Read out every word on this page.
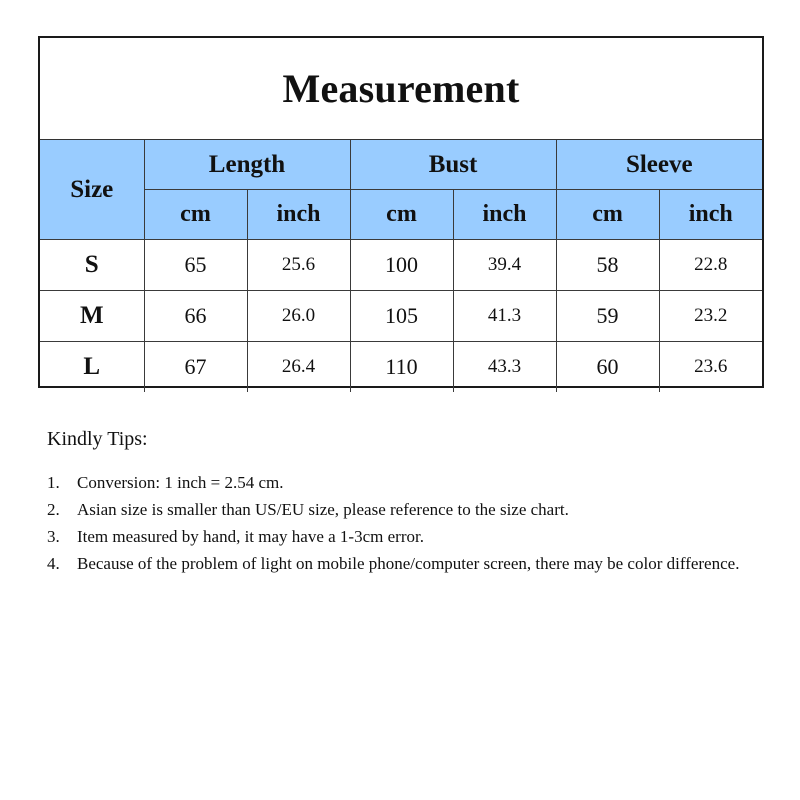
Measurement
Size	Length		Bust		Sleeve	
	cm	inch	cm	inch	cm	inch
S	65	25.6	100	39.4	58	22.8
M	66	26.0	105	41.3	59	23.2
L	67	26.4	110	43.3	60	23.6
Kindly Tips:
1.	Conversion: 1 inch = 2.54 cm.
2.	Asian size is smaller than US/EU size, please reference to the size chart.
3.	Item measured by hand, it may have a 1-3cm error.
4.	Because of the problem of light on mobile phone/computer screen, there may be color difference.
